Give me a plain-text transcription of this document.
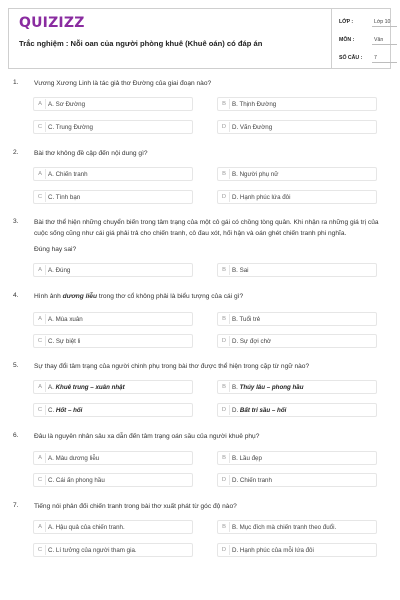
QUIZIZZ
Trắc nghiệm : Nỗi oan của người phòng khuê (Khuê oán) có đáp án
LỚP :	Lớp 10
MÔN :	Văn
SỐ CÂU : 7
1. Vương Xương Linh là tác giả thơ Đường của giai đoạn nào?
A A. Sơ Đường	B B. Thịnh Đường
C C. Trung Đường	D D. Vãn Đường
2. Bài thơ không đề cập đến nội dung gì?
A A. Chiến tranh	B B. Người phụ nữ
C C. Tình bạn	D D. Hạnh phúc lứa đôi
3. Bài thơ thể hiện những chuyển biến trong tâm trạng của một cô gái có chồng tòng quân. Khi nhận ra những giá trị của cuộc sống cũng như cái giá phải trả cho chiến tranh, cô đau xót, hối hận và oán ghét chiến tranh phi nghĩa.
Đúng hay sai?
A A. Đúng	B B. Sai
4. Hình ảnh dương liễu trong thơ cổ không phải là biểu tượng của cái gì?
A A. Mùa xuân	B B. Tuổi trẻ
C C. Sự biệt li	D D. Sự đợi chờ
5. Sự thay đổi tâm trạng của người chinh phụ trong bài thơ được thể hiện trong cặp từ ngữ nào?
A A. Khuê trung – xuân nhật	B B. Thúy lâu – phong hầu
C C. Hốt – hối	D D. Bất tri sầu – hối
6. Đâu là nguyên nhân sâu xa dẫn đến tâm trạng oán sầu của người khuê phụ?
A A. Màu dương liễu	B B. Lầu đẹp
C C. Cái ấn phong hầu	D D. Chiến tranh
7. Tiếng nói phản đối chiến tranh trong bài thơ xuất phát từ góc độ nào?
A A. Hậu quả của chiến tranh.	B B. Mục đích mà chiến tranh theo đuổi.
C C. Lí tưởng của người tham gia.	D D. Hạnh phúc của mỗi lứa đôi
